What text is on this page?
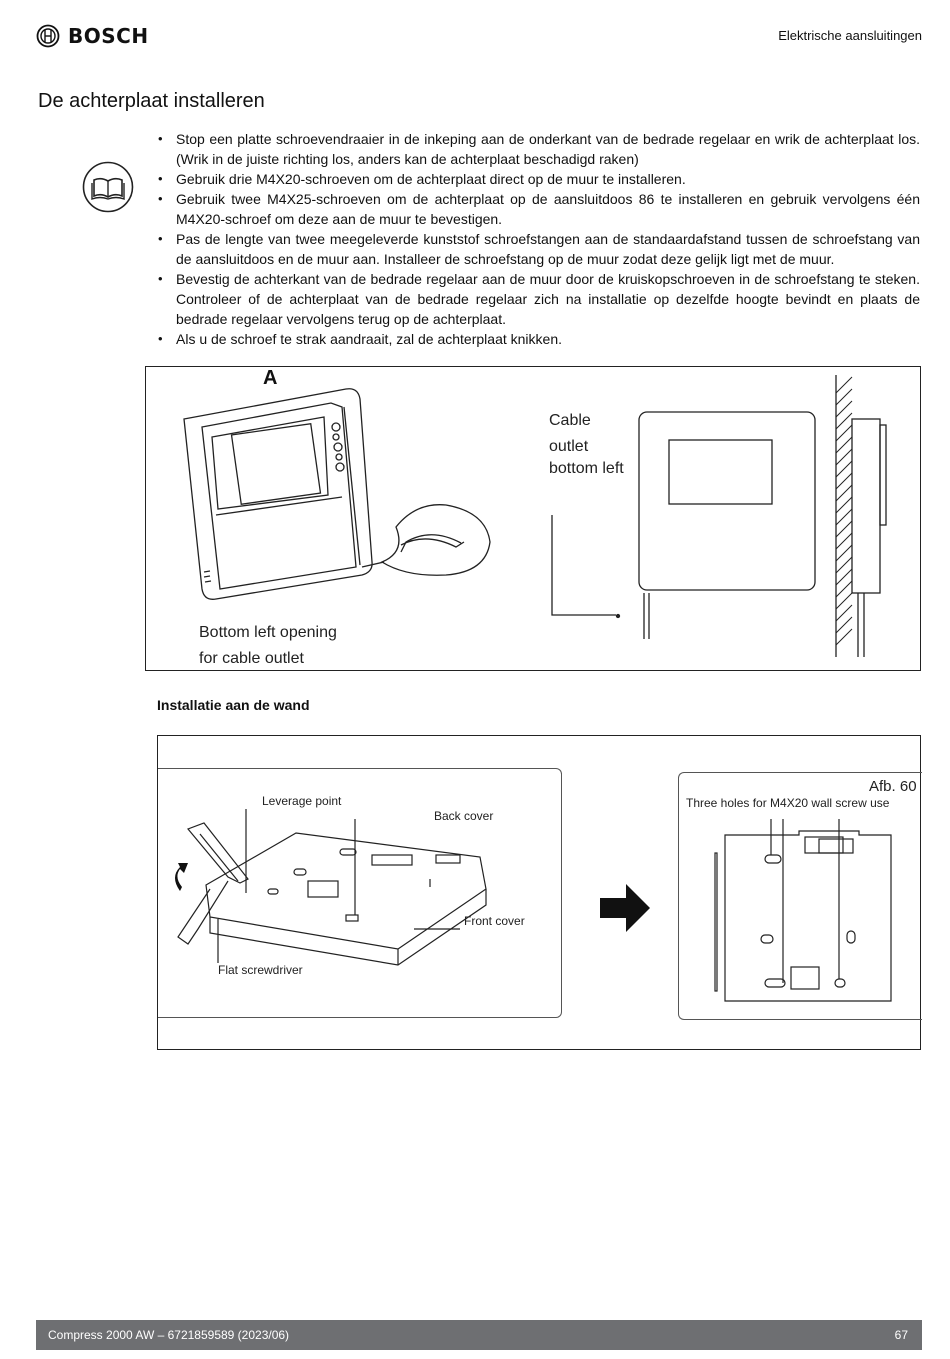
BOSCH	Elektrische aansluitingen
De achterplaat installeren
• Stop een platte schroevendraaier in de inkeping aan de onderkant van de bedrade regelaar en wrik de achterplaat los. (Wrik in de juiste richting los, anders kan de achterplaat beschadigd raken)
• Gebruik drie M4X20-schroeven om de achterplaat direct op de muur te installeren.
• Gebruik twee M4X25-schroeven om de achterplaat op de aansluitdoos 86 te installeren en gebruik vervolgens één M4X20-schroef om deze aan de muur te bevestigen.
• Pas de lengte van twee meegeleverde kunststof schroefstangen aan de standaardafstand tussen de schroefstang van de aansluitdoos en de muur aan. Installeer de schroefstang op de muur zodat deze gelijk ligt met de muur.
• Bevestig de achterkant van de bedrade regelaar aan de muur door de kruiskopschroeven in de schroefstang te steken. Controleer of de achterplaat van de bedrade regelaar zich na installatie op dezelfde hoogte bevindt en plaats de bedrade regelaar vervolgens terug op de achterplaat.
• Als u de schroef te strak aandraait, zal de achterplaat knikken.
A
Cable
outlet
bottom left
Bottom left opening
for cable outlet
Installatie aan de wand
Leverage point
Back cover
Front cover
Flat screwdriver
Afb. 60
Three holes for M4X20 wall screw use
Compress 2000 AW – 6721859589 (2023/06)	67
